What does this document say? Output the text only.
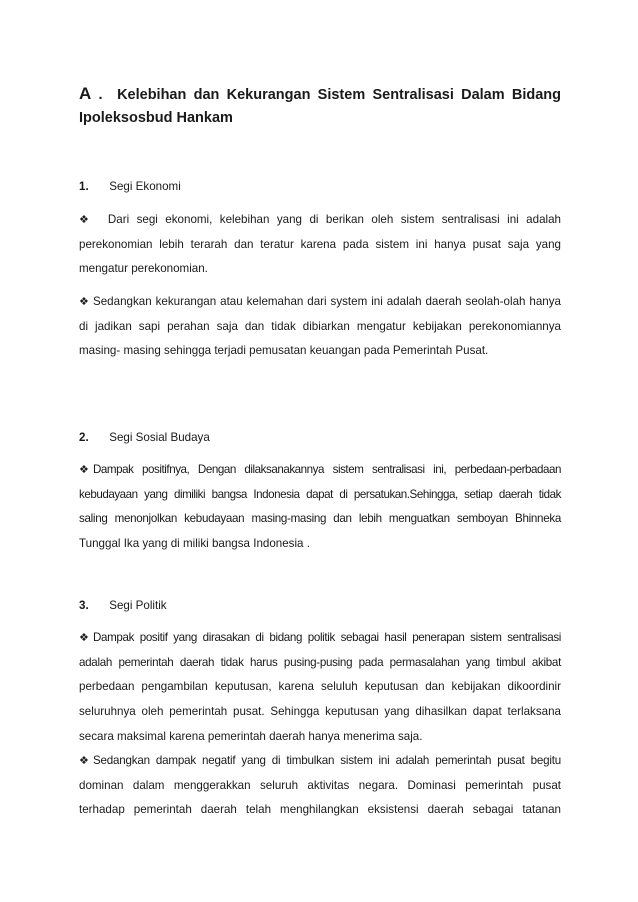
A . Kelebihan dan Kekurangan Sistem Sentralisasi Dalam Bidang
Ipoleksosbud Hankam

1. Segi Ekonomi

❖ Dari segi ekonomi, kelebihan yang di berikan oleh sistem sentralisasi ini adalah
perekonomian lebih terarah dan teratur karena pada sistem ini hanya pusat saja yang
mengatur perekonomian.
❖ Sedangkan kekurangan atau kelemahan dari system ini adalah daerah seolah-olah hanya
di jadikan sapi perahan saja dan tidak dibiarkan mengatur kebijakan perekonomiannya
masing- masing sehingga terjadi pemusatan keuangan pada Pemerintah Pusat.

2. Segi Sosial Budaya

❖ Dampak positifnya, Dengan dilaksanakannya sistem sentralisasi ini, perbedaan-perbadaan
kebudayaan yang dimiliki bangsa Indonesia dapat di persatukan.Sehingga, setiap daerah tidak
saling menonjolkan kebudayaan masing-masing dan lebih menguatkan semboyan Bhinneka
Tunggal Ika yang di miliki bangsa Indonesia .

3. Segi Politik

❖ Dampak positif yang dirasakan di bidang politik sebagai hasil penerapan sistem sentralisasi
adalah pemerintah daerah tidak harus pusing-pusing pada permasalahan yang timbul akibat
perbedaan pengambilan keputusan, karena seluluh keputusan dan kebijakan dikoordinir
seluruhnya oleh pemerintah pusat. Sehingga keputusan yang dihasilkan dapat terlaksana
secara maksimal karena pemerintah daerah hanya menerima saja.
❖ Sedangkan dampak negatif yang di timbulkan sistem ini adalah pemerintah pusat begitu
dominan dalam menggerakkan seluruh aktivitas negara. Dominasi pemerintah pusat
terhadap pemerintah daerah telah menghilangkan eksistensi daerah sebagai tatanan
